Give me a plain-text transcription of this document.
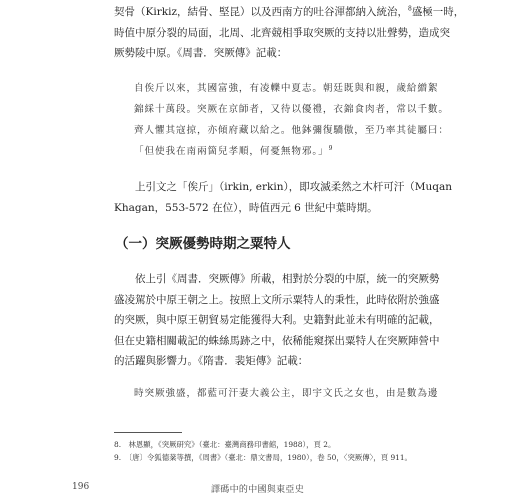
契骨（Kirkiz，結骨、堅昆）以及西南方的吐谷渾都納入統治，$^8$盛極一時，
時值中原分裂的局面，北周、北齊競相爭取突厥的支持以壯聲勢，造成突
厥勢陵中原。《周書．突厥傳》記載：

自俟斤以來，其國富強，有凌轢中夏志。朝廷既與和親，歲給繒絮
錦綵十萬段。突厥在京師者，又待以優禮，衣錦食肉者，常以千數。
齊人懼其寇掠，亦傾府藏以給之。他鉢彌復驕傲，至乃率其徒屬曰：
「但使我在南兩箇兒孝順，何憂無物邪。」$^9$

上引文之「俟斤」（irkin, erkin），即攻滅柔然之木杆可汗（Muqan
Khagan，553-572 在位），時值西元 6 世紀中葉時期。

（一）突厥優勢時期之粟特人

依上引《周書．突厥傳》所載，相對於分裂的中原，統一的突厥勢
盛凌駕於中原王朝之上。按照上文所示粟特人的秉性，此時依附於強盛
的突厥，與中原王朝貿易定能獲得大利。史籍對此並未有明確的記載，
但在史籍相關載記的蛛絲馬跡之中，依稀能窺探出粟特人在突厥陣營中
的活躍與影響力。《隋書．裴矩傳》記載：

時突厥強盛，都藍可汗妻大義公主，即宇文氏之女也，由是數為邊

8.　林恩顯，《突厥研究》（臺北：臺灣商務印書館，1988），頁 2。
9.　〔唐〕令狐德棻等撰，《周書》（臺北：鼎文書局，1980），卷 50，〈突厥傳〉，頁 911。
196	譯碼中的中國與東亞史
